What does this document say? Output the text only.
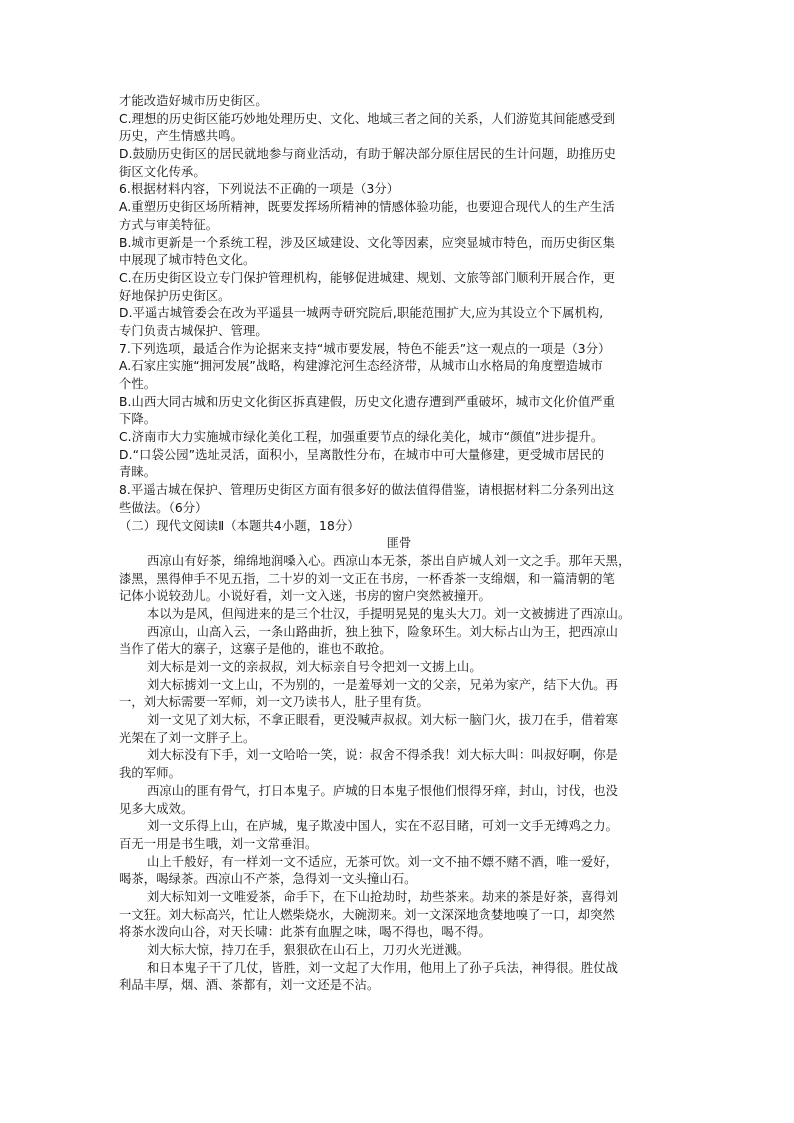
才能改造好城市历史街区。
C.理想的历史街区能巧妙地处理历史、文化、地域三者之间的关系，人们游览其间能感受到
历史，产生情感共鸣。
D.鼓励历史街区的居民就地参与商业活动，有助于解决部分原住居民的生计问题，助推历史
街区文化传承。
6.根据材料内容，下列说法不正确的一项是（3分）
A.重塑历史街区场所精神，既要发挥场所精神的情感体验功能，也要迎合现代人的生产生活
方式与审美特征。
B.城市更新是一个系统工程，涉及区域建设、文化等因素，应突显城市特色，而历史街区集
中展现了城市特色文化。
C.在历史街区设立专门保护管理机构，能够促进城建、规划、文旅等部门顺利开展合作，更
好地保护历史街区。
D.平遥古城管委会在改为平遥县一城两寺研究院后,职能范围扩大,应为其设立个下属机构,
专门负责古城保护、管理。
7.下列选项，最适合作为论据来支持“城市要发展，特色不能丢”这一观点的一项是（3分）
A.石家庄实施“拥河发展”战略，构建滹沱河生态经济带，从城市山水格局的角度塑造城市
个性。
B.山西大同古城和历史文化街区拆真建假，历史文化遗存遭到严重破坏，城市文化价值严重
下降。
C.济南市大力实施城市绿化美化工程，加强重要节点的绿化美化，城市“颜值”进步提升。
D.“口袋公园”选址灵活，面积小，呈离散性分布，在城市中可大量修建，更受城市居民的
青睐。
8.平遥古城在保护、管理历史街区方面有很多好的做法值得借鉴，请根据材料二分条列出这
些做法。（6分）
（二）现代文阅读Ⅱ（本题共4小题，18分）
匪骨
西凉山有好茶，绵绵地润嗓入心。西凉山本无茶，茶出自庐城人刘一文之手。那年天黑，
漆黑，黑得伸手不见五指，二十岁的刘一文正在书房，一杯香茶一支绵烟，和一篇清朝的笔
记体小说较劲儿。小说好看，刘一文入迷，书房的窗户突然被撞开。
本以为是风，但闯进来的是三个壮汉，手提明晃晃的鬼头大刀。刘一文被掳进了西凉山。
西凉山，山高入云，一条山路曲折，独上独下，险象环生。刘大标占山为王，把西凉山
当作了偌大的寨子，这寨子是他的，谁也不敢抢。
刘大标是刘一文的亲叔叔，刘大标亲自号令把刘一文掳上山。
刘大标掳刘一文上山，不为别的，一是羞辱刘一文的父亲，兄弟为家产，结下大仇。再
一，刘大标需要一军师，刘一文乃读书人，肚子里有货。
刘一文见了刘大标，不拿正眼看，更没喊声叔叔。刘大标一脑门火，拔刀在手，借着寒
光架在了刘一文胖子上。
刘大标没有下手，刘一文哈哈一笑，说：叔舍不得杀我！刘大标大叫：叫叔好啊，你是
我的军师。
西凉山的匪有骨气，打日本鬼子。庐城的日本鬼子恨他们恨得牙痒，封山，讨伐，也没
见多大成效。
刘一文乐得上山，在庐城，鬼子欺凌中国人，实在不忍目睹，可刘一文手无缚鸡之力。
百无一用是书生哦，刘一文常垂泪。
山上千般好，有一样刘一文不适应，无茶可饮。刘一文不抽不嫖不赌不酒，唯一爱好，
喝茶，喝绿茶。西凉山不产茶，急得刘一文头撞山石。
刘大标知刘一文唯爱茶，命手下，在下山抢劫时，劫些茶来。劫来的茶是好茶，喜得刘
一文狂。刘大标高兴，忙让人燃柴烧水，大碗沏来。刘一文深深地贪婪地嗅了一口，却突然
将茶水泼向山谷，对天长啸：此茶有血腥之味，喝不得也，喝不得。
刘大标大惊，持刀在手，狠狠砍在山石上，刀刃火光迸溅。
和日本鬼子干了几仗，皆胜，刘一文起了大作用，他用上了孙子兵法，神得很。胜仗战
利品丰厚，烟、酒、茶都有，刘一文还是不沾。
